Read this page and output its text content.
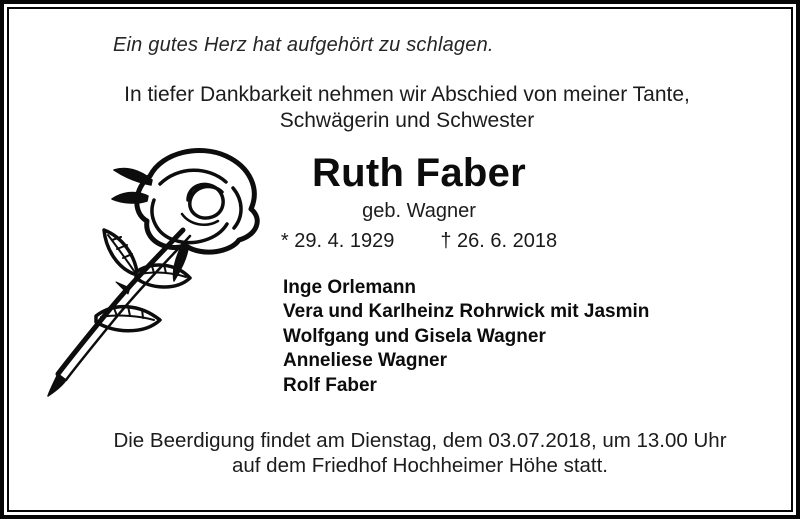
Ein gutes Herz hat aufgehört zu schlagen.
In tiefer Dankbarkeit nehmen wir Abschied von meiner Tante,
Schwägerin und Schwester
Ruth Faber
geb. Wagner
* 29. 4. 1929 † 26. 6. 2018
Inge Orlemann
Vera und Karlheinz Rohrwick mit Jasmin
Wolfgang und Gisela Wagner
Anneliese Wagner
Rolf Faber
Die Beerdigung findet am Dienstag, dem 03.07.2018, um 13.00 Uhr
auf dem Friedhof Hochheimer Höhe statt.
